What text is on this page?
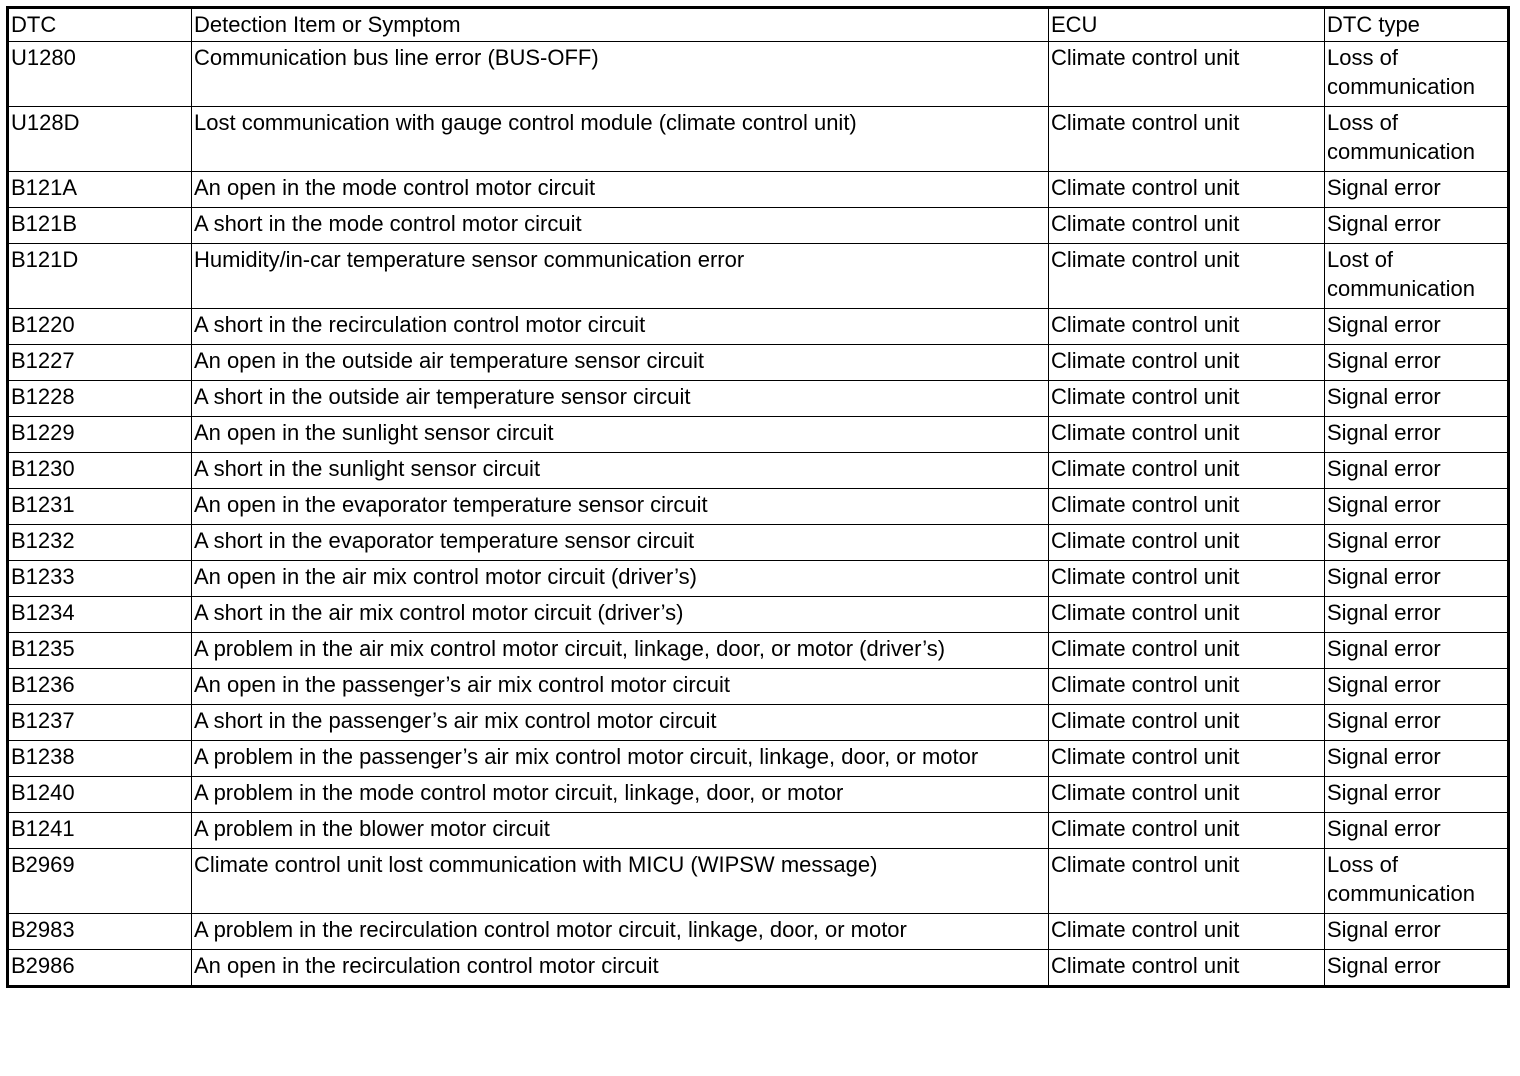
DTC	Detection Item or Symptom	ECU	DTC type
U1280	Communication bus line error (BUS-OFF)	Climate control unit	Loss of communication
U128D	Lost communication with gauge control module (climate control unit)	Climate control unit	Loss of communication
B121A	An open in the mode control motor circuit	Climate control unit	Signal error
B121B	A short in the mode control motor circuit	Climate control unit	Signal error
B121D	Humidity/in-car temperature sensor communication error	Climate control unit	Lost of communication
B1220	A short in the recirculation control motor circuit	Climate control unit	Signal error
B1227	An open in the outside air temperature sensor circuit	Climate control unit	Signal error
B1228	A short in the outside air temperature sensor circuit	Climate control unit	Signal error
B1229	An open in the sunlight sensor circuit	Climate control unit	Signal error
B1230	A short in the sunlight sensor circuit	Climate control unit	Signal error
B1231	An open in the evaporator temperature sensor circuit	Climate control unit	Signal error
B1232	A short in the evaporator temperature sensor circuit	Climate control unit	Signal error
B1233	An open in the air mix control motor circuit (driver’s)	Climate control unit	Signal error
B1234	A short in the air mix control motor circuit (driver’s)	Climate control unit	Signal error
B1235	A problem in the air mix control motor circuit, linkage, door, or motor (driver’s)	Climate control unit	Signal error
B1236	An open in the passenger’s air mix control motor circuit	Climate control unit	Signal error
B1237	A short in the passenger’s air mix control motor circuit	Climate control unit	Signal error
B1238	A problem in the passenger’s air mix control motor circuit, linkage, door, or motor	Climate control unit	Signal error
B1240	A problem in the mode control motor circuit, linkage, door, or motor	Climate control unit	Signal error
B1241	A problem in the blower motor circuit	Climate control unit	Signal error
B2969	Climate control unit lost communication with MICU (WIPSW message)	Climate control unit	Loss of communication
B2983	A problem in the recirculation control motor circuit, linkage, door, or motor	Climate control unit	Signal error
B2986	An open in the recirculation control motor circuit	Climate control unit	Signal error
